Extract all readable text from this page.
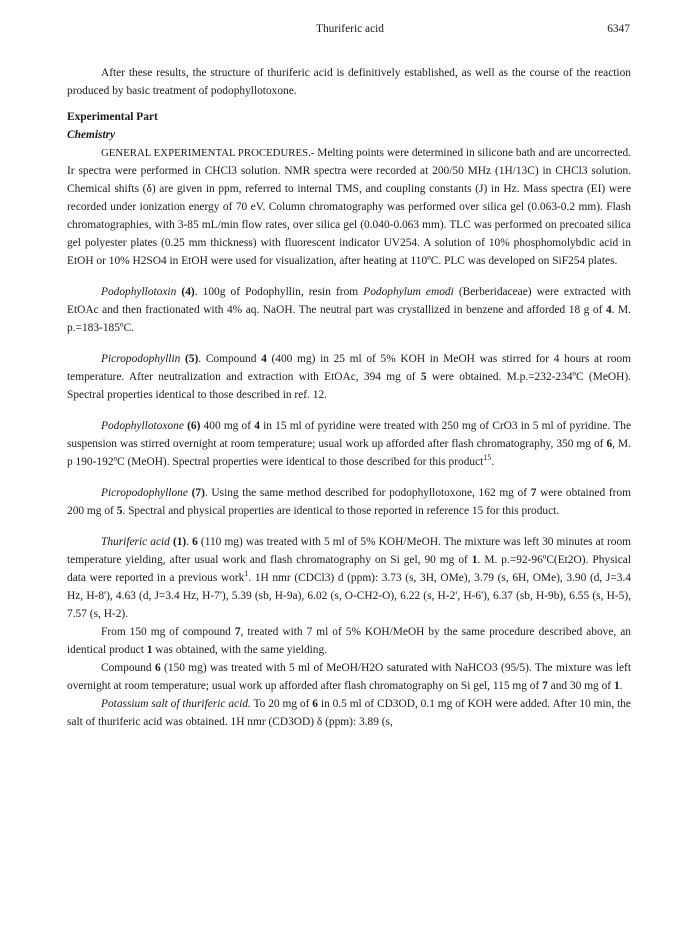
Thuriferic acid	6347

After these results, the structure of thuriferic acid is definitively established, as well as the course of the reaction produced by basic treatment of podophyllotoxone.

Experimental Part

Chemistry

GENERAL EXPERIMENTAL PROCEDURES.- Melting points were determined in silicone bath and are uncorrected. Ir spectra were performed in CHCl3 solution. NMR spectra were recorded at 200/50 MHz (1H/13C) in CHCl3 solution. Chemical shifts (δ) are given in ppm, referred to internal TMS, and coupling constants (J) in Hz. Mass spectra (EI) were recorded under ionization energy of 70 eV. Column chromatography was performed over silica gel (0.063-0.2 mm). Flash chromatographies, with 3-85 mL/min flow rates, over silica gel (0.040-0.063 mm). TLC was performed on precoated silica gel polyester plates (0.25 mm thickness) with fluorescent indicator UV254. A solution of 10% phosphomolybdic acid in EtOH or 10% H2SO4 in EtOH were used for visualization, after heating at 110ºC. PLC was developed on SiF254 plates.

Podophyllotoxin (4). 100g of Podophyllin, resin from Podophylum emodi (Berberidaceae) were extracted with EtOAc and then fractionated with 4% aq. NaOH. The neutral part was crystallized in benzene and afforded 18 g of 4. M. p.=183-185ºC.

Picropodophyllin (5). Compound 4 (400 mg) in 25 ml of 5% KOH in MeOH was stirred for 4 hours at room temperature. After neutralization and extraction with EtOAc, 394 mg of 5 were obtained. M.p.=232-234ºC (MeOH). Spectral properties identical to those described in ref. 12.

Podophyllotoxone (6) 400 mg of 4 in 15 ml of pyridine were treated with 250 mg of CrO3 in 5 ml of pyridine. The suspension was stirred overnight at room temperature; usual work up afforded after flash chromatography, 350 mg of 6, M. p 190-192ºC (MeOH). Spectral properties were identical to those described for this product$^{15}$.

Picropodophyllone (7). Using the same method described for podophyllotoxone, 162 mg of 7 were obtained from 200 mg of 5. Spectral and physical properties are identical to those reported in reference 15 for this product.

Thuriferic acid (1). 6 (110 mg) was treated with 5 ml of 5% KOH/MeOH. The mixture was left 30 minutes at room temperature yielding, after usual work and flash chromatography on Si gel, 90 mg of 1. M. p.=92-96ºC(Et2O). Physical data were reported in a previous work$^1$. 1H nmr (CDCl3) d (ppm): 3.73 (s, 3H, OMe), 3.79 (s, 6H, OMe), 3.90 (d, J=3.4 Hz, H-8'), 4.63 (d, J=3.4 Hz, H-7'), 5.39 (sb, H-9a), 6.02 (s, O-CH2-O), 6.22 (s, H-2', H-6'), 6.37 (sb, H-9b), 6.55 (s, H-5), 7.57 (s, H-2).

From 150 mg of compound 7, treated with 7 ml of 5% KOH/MeOH by the same procedure described above, an identical product 1 was obtained, with the same yielding.

Compound 6 (150 mg) was treated with 5 ml of MeOH/H2O saturated with NaHCO3 (95/5). The mixture was left overnight at room temperature; usual work up afforded after flash chromatography on Si gel, 115 mg of 7 and 30 mg of 1.

Potassium salt of thuriferic acid. To 20 mg of 6 in 0.5 ml of CD3OD, 0.1 mg of KOH were added. After 10 min, the salt of thuriferic acid was obtained. 1H nmr (CD3OD) δ (ppm): 3.89 (s,
